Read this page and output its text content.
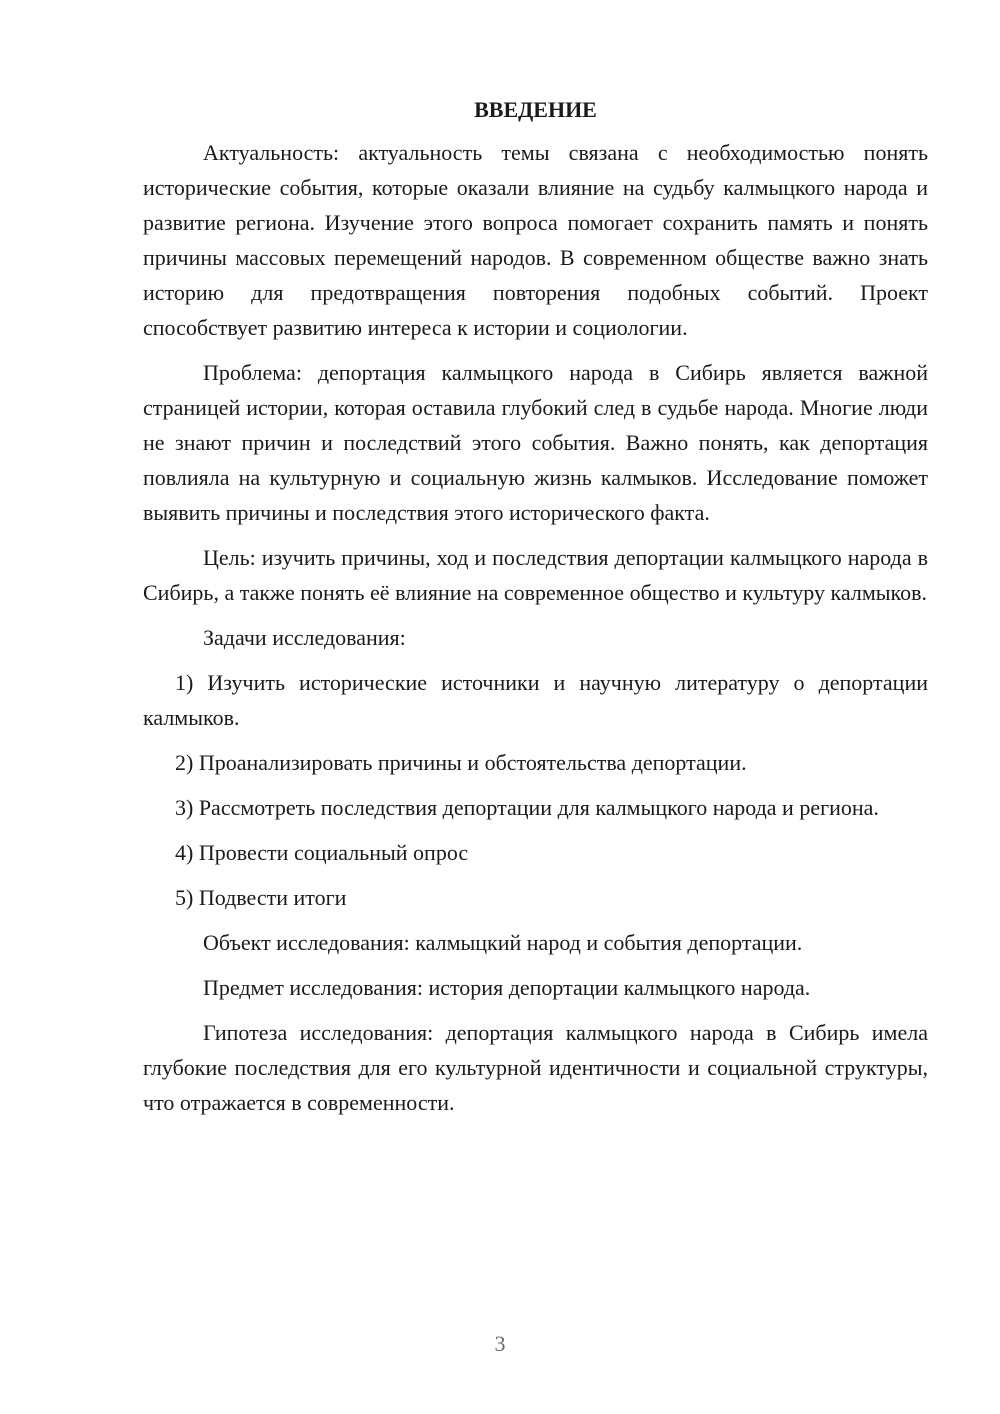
ВВЕДЕНИЕ

Актуальность: актуальность темы связана с необходимостью понять исторические события, которые оказали влияние на судьбу калмыцкого народа и развитие региона. Изучение этого вопроса помогает сохранить память и понять причины массовых перемещений народов. В современном обществе важно знать историю для предотвращения повторения подобных событий. Проект способствует развитию интереса к истории и социологии.

Проблема: депортация калмыцкого народа в Сибирь является важной страницей истории, которая оставила глубокий след в судьбе народа. Многие люди не знают причин и последствий этого события. Важно понять, как депортация повлияла на культурную и социальную жизнь калмыков. Исследование поможет выявить причины и последствия этого исторического факта.

Цель: изучить причины, ход и последствия депортации калмыцкого народа в Сибирь, а также понять её влияние на современное общество и культуру калмыков.

Задачи исследования:

1) Изучить исторические источники и научную литературу о депортации калмыков.

2) Проанализировать причины и обстоятельства депортации.

3) Рассмотреть последствия депортации для калмыцкого народа и региона.

4) Провести социальный опрос

5) Подвести итоги

Объект исследования: калмыцкий народ и события депортации.

Предмет исследования: история депортации калмыцкого народа.

Гипотеза исследования: депортация калмыцкого народа в Сибирь имела глубокие последствия для его культурной идентичности и социальной структуры, что отражается в современности.

3
